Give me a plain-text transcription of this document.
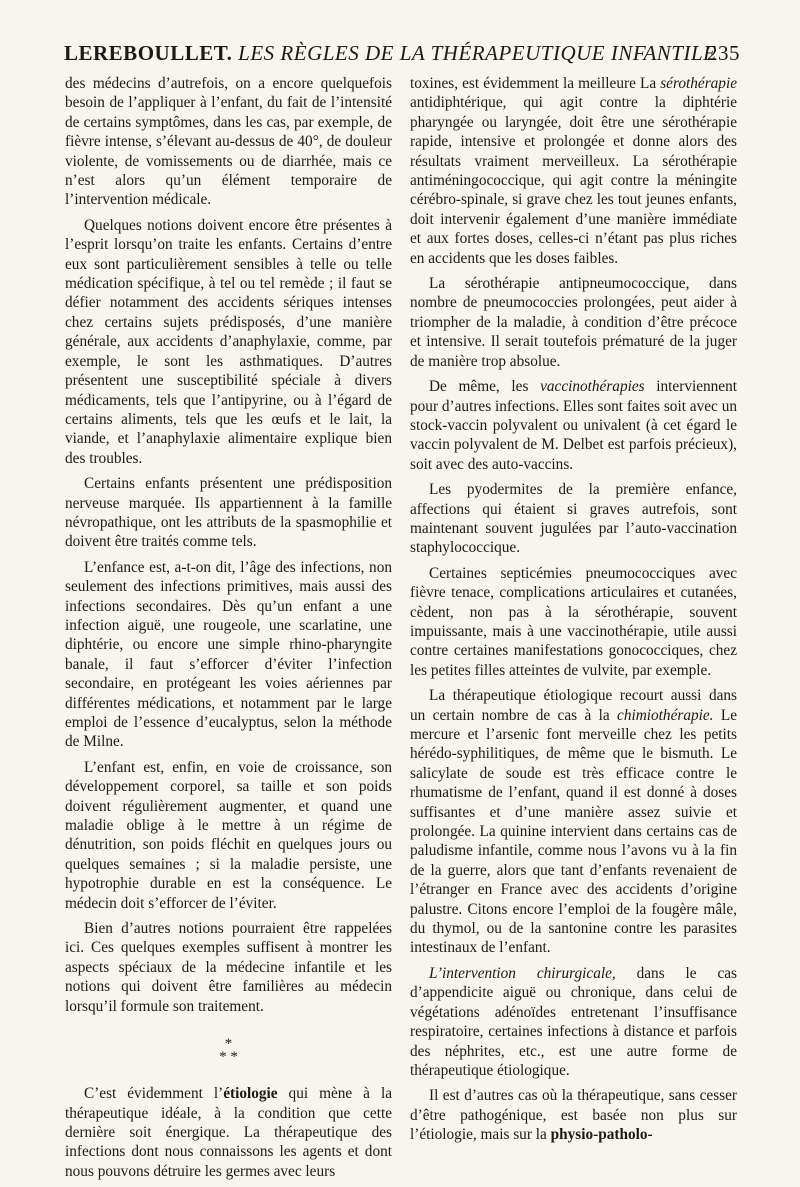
LEREBOULLET. LES RÈGLES DE LA THÉRAPEUTIQUE INFANTILE
235

des médecins d’autrefois, on a encore quelquefois besoin de l’appliquer à l’enfant, du fait de l’intensité de certains symptômes, dans les cas, par exemple, de fièvre intense, s’élevant au-dessus de 40°, de douleur violente, de vomissements ou de diarrhée, mais ce n’est alors qu’un élément temporaire de l’intervention médicale.

Quelques notions doivent encore être présentes à l’esprit lorsqu’on traite les enfants. Certains d’entre eux sont particulièrement sensibles à telle ou telle médication spécifique, à tel ou tel remède ; il faut se défier notamment des accidents sériques intenses chez certains sujets prédisposés, d’une manière générale, aux accidents d’anaphylaxie, comme, par exemple, le sont les asthmatiques. D’autres présentent une susceptibilité spéciale à divers médicaments, tels que l’antipyrine, ou à l’égard de certains aliments, tels que les œufs et le lait, la viande, et l’anaphylaxie alimentaire explique bien des troubles.

Certains enfants présentent une prédisposition nerveuse marquée. Ils appartiennent à la famille névropathique, ont les attributs de la spasmophilie et doivent être traités comme tels.

L’enfance est, a-t-on dit, l’âge des infections, non seulement des infections primitives, mais aussi des infections secondaires. Dès qu’un enfant a une infection aiguë, une rougeole, une scarlatine, une diphtérie, ou encore une simple rhino-pharyngite banale, il faut s’efforcer d’éviter l’infection secondaire, en protégeant les voies aériennes par différentes médications, et notamment par le large emploi de l’essence d’eucalyptus, selon la méthode de Milne.

L’enfant est, enfin, en voie de croissance, son développement corporel, sa taille et son poids doivent régulièrement augmenter, et quand une maladie oblige à le mettre à un régime de dénutrition, son poids fléchit en quelques jours ou quelques semaines ; si la maladie persiste, une hypotrophie durable en est la conséquence. Le médecin doit s’efforcer de l’éviter.

Bien d’autres notions pourraient être rappelées ici. Ces quelques exemples suffisent à montrer les aspects spéciaux de la médecine infantile et les notions qui doivent être familières au médecin lorsqu’il formule son traitement.

*
* *

C’est évidemment l’étiologie qui mène à la thérapeutique idéale, à la condition que cette dernière soit énergique. La thérapeutique des infections dont nous connaissons les agents et dont nous pouvons détruire les germes avec leurs

toxines, est évidemment la meilleure La sérothérapie antidiphtérique, qui agit contre la diphtérie pharyngée ou laryngée, doit être une sérothérapie rapide, intensive et prolongée et donne alors des résultats vraiment merveilleux. La sérothérapie antiméningococcique, qui agit contre la méningite cérébro-spinale, si grave chez les tout jeunes enfants, doit intervenir également d’une manière immédiate et aux fortes doses, celles-ci n’étant pas plus riches en accidents que les doses faibles.

La sérothérapie antipneumococcique, dans nombre de pneumococcies prolongées, peut aider à triompher de la maladie, à condition d’être précoce et intensive. Il serait toutefois prématuré de la juger de manière trop absolue.

De même, les vaccinothérapies interviennent pour d’autres infections. Elles sont faites soit avec un stock-vaccin polyvalent ou univalent (à cet égard le vaccin polyvalent de M. Delbet est parfois précieux), soit avec des auto-vaccins.

Les pyodermites de la première enfance, affections qui étaient si graves autrefois, sont maintenant souvent jugulées par l’auto-vaccination staphylococcique.

Certaines septicémies pneumococciques avec fièvre tenace, complications articulaires et cutanées, cèdent, non pas à la sérothérapie, souvent impuissante, mais à une vaccinothérapie, utile aussi contre certaines manifestations gonococciques, chez les petites filles atteintes de vulvite, par exemple.

La thérapeutique étiologique recourt aussi dans un certain nombre de cas à la chimiothérapie. Le mercure et l’arsenic font merveille chez les petits hérédo-syphilitiques, de même que le bismuth. Le salicylate de soude est très efficace contre le rhumatisme de l’enfant, quand il est donné à doses suffisantes et d’une manière assez suivie et prolongée. La quinine intervient dans certains cas de paludisme infantile, comme nous l’avons vu à la fin de la guerre, alors que tant d’enfants revenaient de l’étranger en France avec des accidents d’origine palustre. Citons encore l’emploi de la fougère mâle, du thymol, ou de la santonine contre les parasites intestinaux de l’enfant.

L’intervention chirurgicale, dans le cas d’appendicite aiguë ou chronique, dans celui de végétations adénoïdes entretenant l’insuffisance respiratoire, certaines infections à distance et parfois des néphrites, etc., est une autre forme de thérapeutique étiologique.

Il est d’autres cas où la thérapeutique, sans cesser d’être pathogénique, est basée non plus sur l’étiologie, mais sur la physio-patholo-
